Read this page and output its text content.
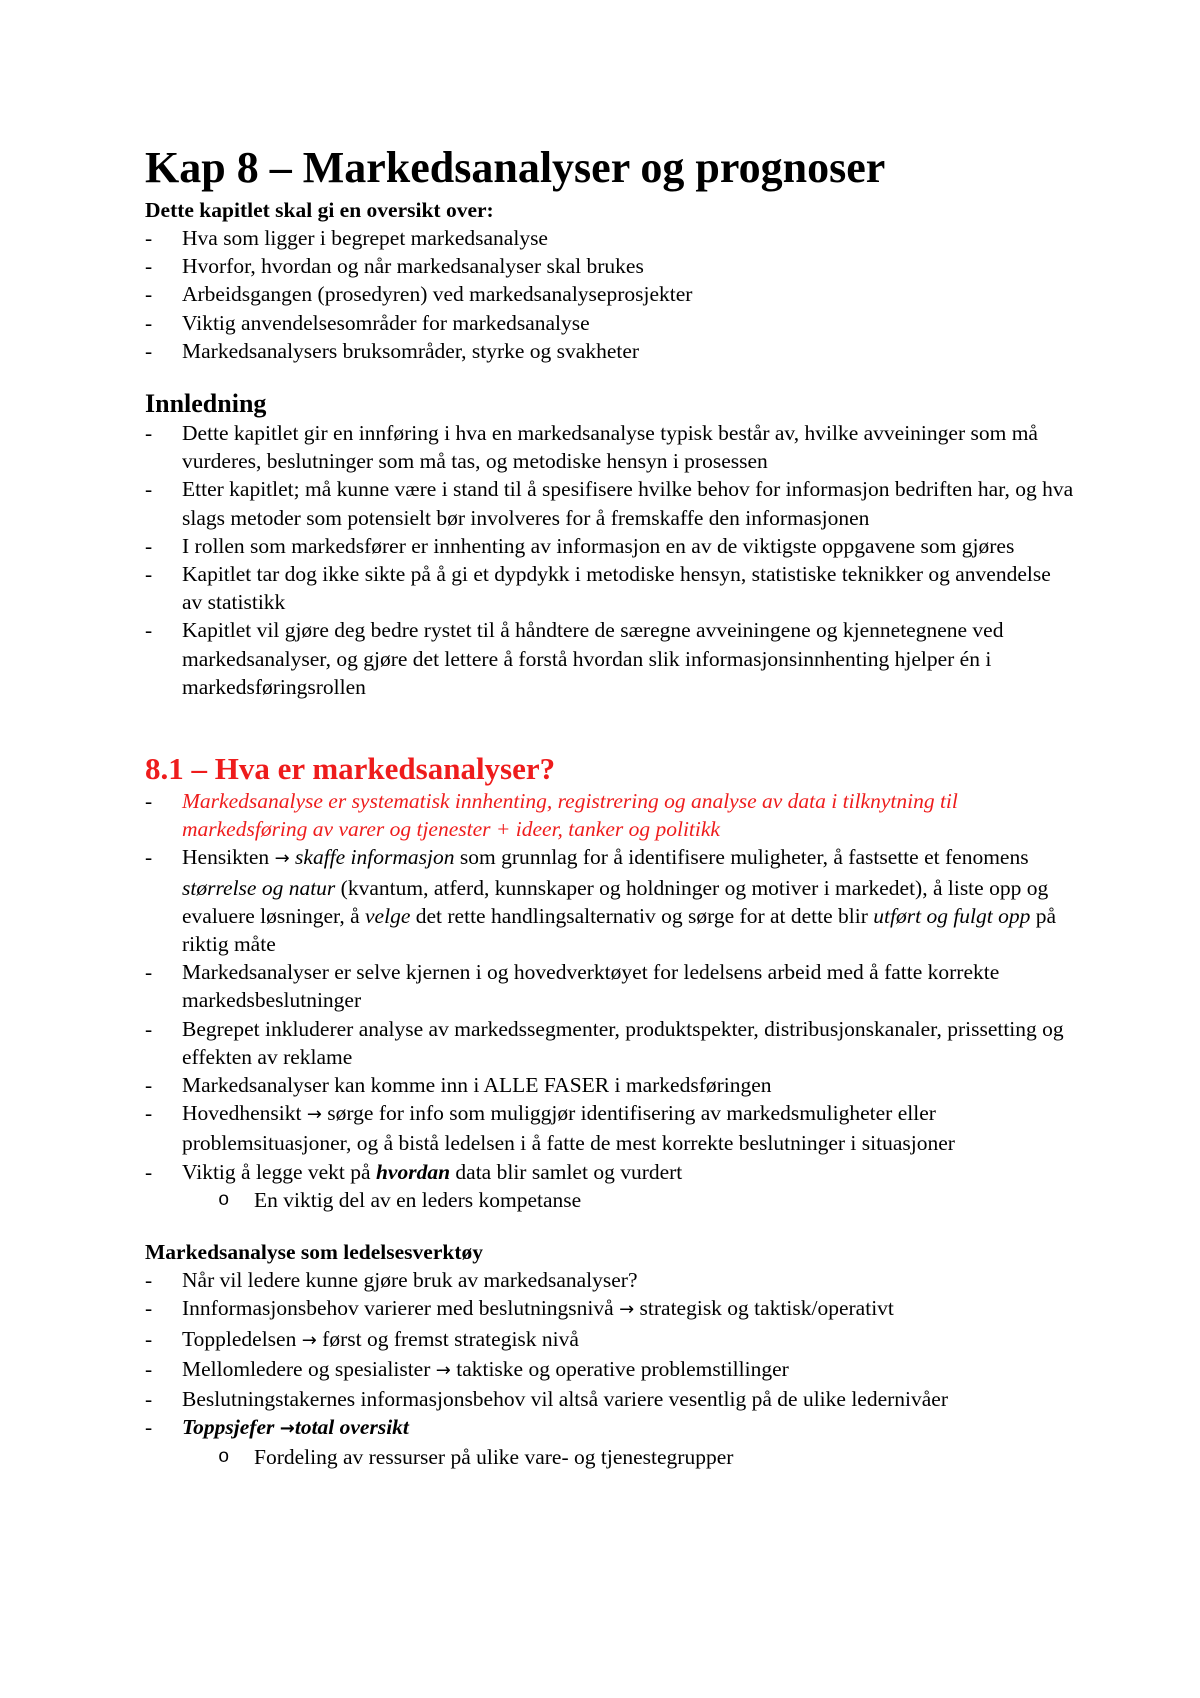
Kap 8 – Markedsanalyser og prognoser

Dette kapitlet skal gi en oversikt over:

- Hva som ligger i begrepet markedsanalyse
- Hvorfor, hvordan og når markedsanalyser skal brukes
- Arbeidsgangen (prosedyren) ved markedsanalyseprosjekter
- Viktig anvendelsesområder for markedsanalyse
- Markedsanalysers bruksområder, styrke og svakheter
Innledning
- Dette kapitlet gir en innføring i hva en markedsanalyse typisk består av, hvilke avveininger som må vurderes, beslutninger som må tas, og metodiske hensyn i prosessen
- Etter kapitlet; må kunne være i stand til å spesifisere hvilke behov for informasjon bedriften har, og hva slags metoder som potensielt bør involveres for å fremskaffe den informasjonen
- I rollen som markedsfører er innhenting av informasjon en av de viktigste oppgavene som gjøres
- Kapitlet tar dog ikke sikte på å gi et dypdykk i metodiske hensyn, statistiske teknikker og anvendelse av statistikk
- Kapitlet vil gjøre deg bedre rystet til å håndtere de særegne avveiningene og kjennetegnene ved markedsanalyser, og gjøre det lettere å forstå hvordan slik informasjonsinnhenting hjelper én i markedsføringsrollen
8.1 – Hva er markedsanalyser?
- Markedsanalyse er systematisk innhenting, registrering og analyse av data i tilknytning til markedsføring av varer og tjenester + ideer, tanker og politikk
- Hensikten → skaffe informasjon som grunnlag for å identifisere muligheter, å fastsette et fenomens størrelse og natur (kvantum, atferd, kunnskaper og holdninger og motiver i markedet), å liste opp og evaluere løsninger, å velge det rette handlingsalternativ og sørge for at dette blir utført og fulgt opp på riktig måte
- Markedsanalyser er selve kjernen i og hovedverktøyet for ledelsens arbeid med å fatte korrekte markedsbeslutninger
- Begrepet inkluderer analyse av markedssegmenter, produktspekter, distribusjonskanaler, prissetting og effekten av reklame
- Markedsanalyser kan komme inn i ALLE FASER i markedsføringen
- Hovedhensikt → sørge for info som muliggjør identifisering av markedsmuligheter eller problemsituasjoner, og å bistå ledelsen i å fatte de mest korrekte beslutninger i situasjoner
- Viktig å legge vekt på hvordan data blir samlet og vurdert
o En viktig del av en leders kompetanse

Markedsanalyse som ledelsesverktøy

- Når vil ledere kunne gjøre bruk av markedsanalyser?
- Innformasjonsbehov varierer med beslutningsnivå → strategisk og taktisk/operativt
- Toppledelsen → først og fremst strategisk nivå
- Mellomledere og spesialister → taktiske og operative problemstillinger
- Beslutningstakernes informasjonsbehov vil altså variere vesentlig på de ulike ledernivåer
- Toppsjefer →total oversikt
o Fordeling av ressurser på ulike vare- og tjenestegrupper
